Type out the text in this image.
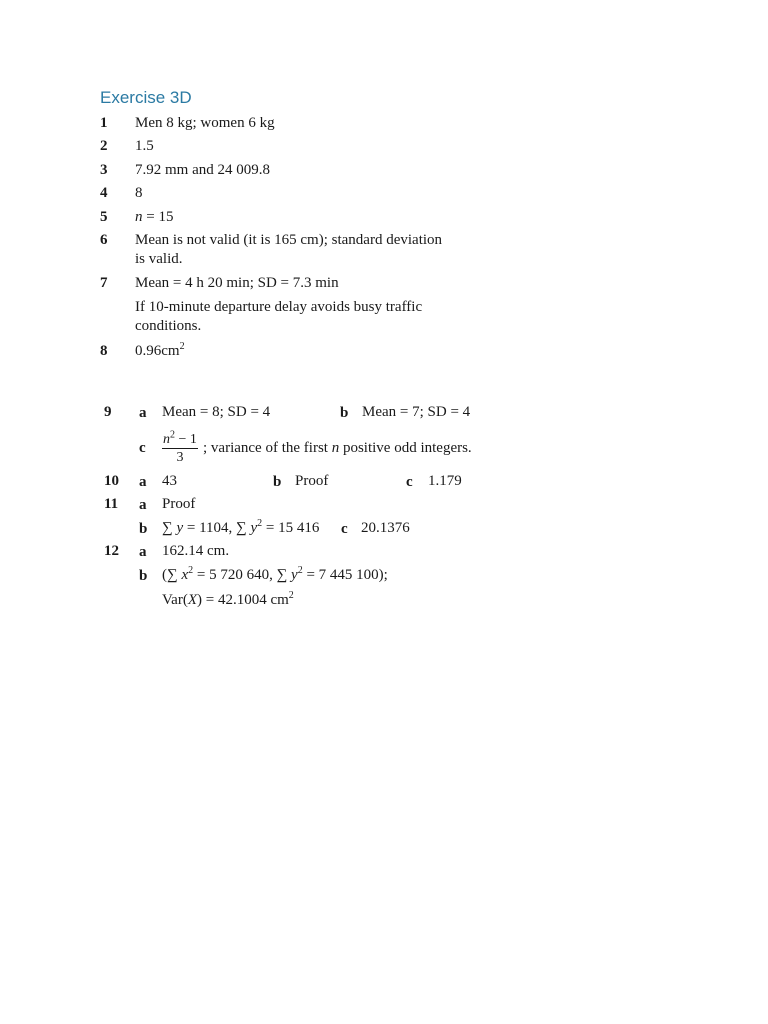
Exercise 3D
1 Men 8 kg; women 6 kg
2 1.5
3 7.92 mm and 24 009.8
4 8
5 n = 15
6 Mean is not valid (it is 165 cm); standard deviation
is valid.
7 Mean = 4 h 20 min; SD = 7.3 min
If 10-minute departure delay avoids busy traffic
conditions.
8 $0.96cm^2$
9 a Mean = 8; SD = 4	b Mean = 7; SD = 4
c $\frac{n^2 - 1}{3}$ ; variance of the first n positive odd integers.
10 a 43	b Proof	c 1.179
11 a Proof
b ∑ y = 1104, ∑ $y^2 = 15$ 416 c 20.1376
12 a 162.14 cm.
b (∑ $x^2 = 5$ 720 640, ∑ $y^2 = 7$ 445 100);
Var(X) = 42.1004 $cm^2$
